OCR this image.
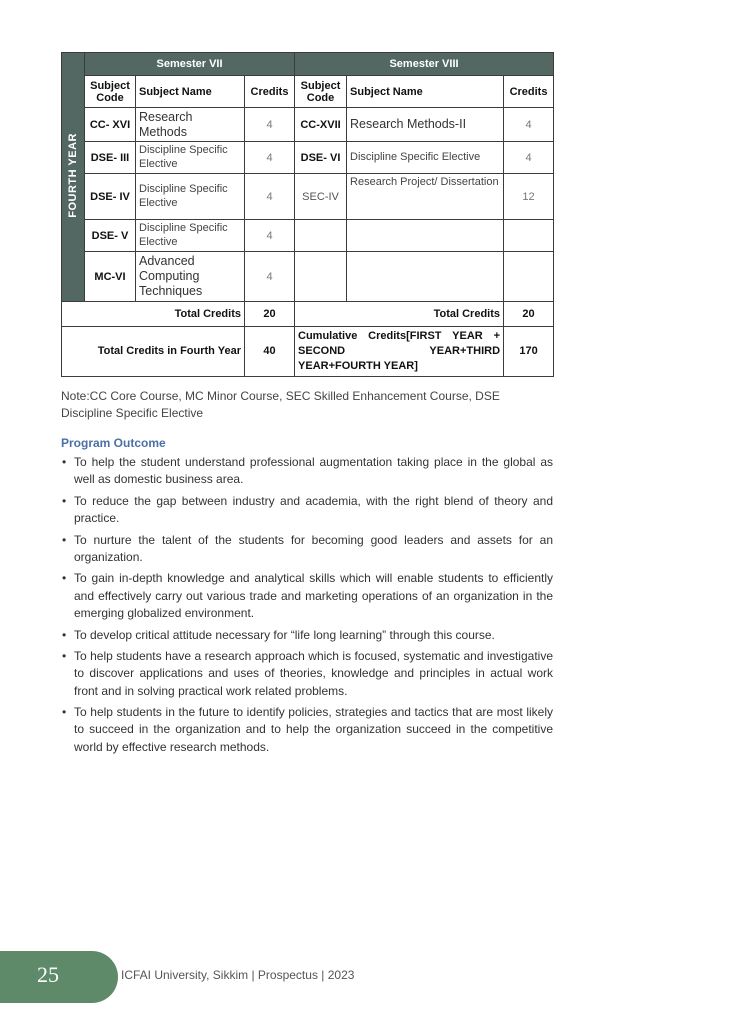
FOURTH YEAR	Semester VII			Semester VIII		
	Subject Code	Subject Name	Credits	Subject Code	Subject Name	Credits
	CC- XVI	Research Methods	4	CC-XVII	Research Methods-II	4
	DSE- III	Discipline Specific Elective	4	DSE- VI	Discipline Specific Elective	4
	DSE- IV	Discipline Specific Elective	4	SEC-IV	Research Project/ Dissertation	12
	DSE- V	Discipline Specific Elective	4			
	MC-VI	Advanced Computing Techniques	4			
Total Credits			20	Total Credits		20
Total Credits in Fourth Year			40	Cumulative Credits[FIRST YEAR + SECOND YEAR+THIRD YEAR+FOURTH YEAR]		170

Note:CC Core Course, MC Minor Course, SEC Skilled Enhancement Course, DSE Discipline Specific Elective

Program Outcome
• To help the student understand professional augmentation taking place in the global as well as domestic business area.
• To reduce the gap between industry and academia, with the right blend of theory and practice.
• To nurture the talent of the students for becoming good leaders and assets for an organization.
• To gain in-depth knowledge and analytical skills which will enable students to efficiently and effectively carry out various trade and marketing operations of an organization in the emerging globalized environment.
• To develop critical attitude necessary for “life long learning” through this course.
• To help students have a research approach which is focused, systematic and investigative to discover applications and uses of theories, knowledge and principles in actual work front and in solving practical work related problems.
• To help students in the future to identify policies, strategies and tactics that are most likely to succeed in the organization and to help the organization succeed in the competitive world by effective research methods.
25	ICFAI University, Sikkim | Prospectus | 2023
